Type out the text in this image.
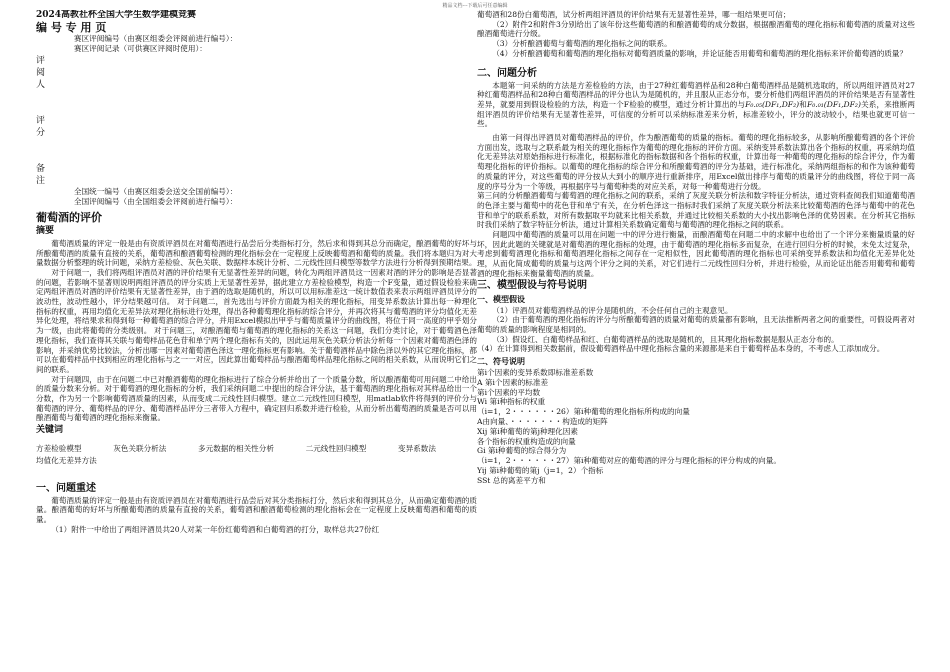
精品文档---下载后可任意编辑
2024高教社杯全国大学生数学建模竞赛
编 号 专 用 页
赛区评阅编号（由赛区组委会评阅前进行编号）：
赛区评阅记录（可供赛区评阅时使用）：
评
阅
人

评
分

备
注
全国统一编号（由赛区组委会送交全国前编号）：
全国评阅编号（由全国组委会评阅前进行编号）：
葡萄酒的评价
摘要

葡萄酒质量的评定一般是由有资质评酒员在对葡萄酒进行品尝后分类指标打分，然后求和得到其总分而确定，酿酒葡萄的好坏与所酿葡萄酒的质量有直接的关系，葡萄酒和酿酒葡萄检测的理化指标会在一定程度上反映葡萄酒和葡萄的质量。我们将本题归为对大量数据分析整理的统计问题，采纳方差检验、灰色关联、数据样本统计分析、二元线性回归模型等数学方法进行分析得到预期结果。

对于问题一，我们将两组评酒员对酒的评价结果有无显著性差异的问题，转化为两组评酒员这一因素对酒的评分的影响是否显著的问题，若影响不显著则说明两组评酒员的评分实质上无显著性差异，据此建立方差检验模型，构造一个F变量，通过假设检验来确定两组评酒员对酒的评价结果有无显著性差异，由于酒的选取是随机的，所以可以用标准差这一统计数值表来表示两组评酒员评分的波动性，波动性越小，评分结果越可信。 对于问题二，首先选出与评价方面最为相关的理化指标，用变异系数法计算出每一种理化指标的权重，再用均值化无差异法对理化指标进行处理，得出各种葡萄理化指标的综合评分，并再次将其与葡萄酒的评分均值化无差异化处理，将结果求和得到每一种葡萄酒的综合评分，并用Excel模拟出甲乎与葡萄质量评分的曲线图，将位于同一高度的甲乎划分为一级，由此将葡萄的分类级别。 对于问题三，对酿酒葡萄与葡萄酒的理化指标的关系这一问题，我们分类讨论，对于葡萄酒色泽理化指标，我们查得其关联与葡萄样品花色苷和单宁两个理化指标有关的，因此运用灰色关联分析法分析每一个因素对葡萄酒色泽的影响，并采纳优势比较法，分析出哪一因素对葡萄酒色泽这一理化指标更有影响。关于葡萄酒样品中除色泽以外的其它理化指标，都可以在葡萄样品中找到相应的理化指标与之一一对应，因此算出葡萄样品与酿酒葡萄样品理化指标之间的相关系数，从而说明它们之间的联系。

对于问题四，由于在问题二中已对酿酒葡萄的理化指标进行了综合分析并给出了一个质量分数，所以酿酒葡萄可用问题二中给出的质量分数来分析。对于葡萄酒的理化指标的分析，我们采纳问题二中提出的综合评分法，基于葡萄酒的理化指标对其样品给出一个分数，作为另一个影响葡萄酒质量的因素，从而变成二元线性回归模型。建立二元线性回归模型，用matlab软件将得到的评价分与葡萄酒的评分、葡萄样品的评分、葡萄酒样品评分三者带入方程中，确定回归系数并进行检验，从而分析出葡萄酒的质量是否可以用酿酒葡萄与葡萄酒的理化指标来衡量。

关键词
方差检验模型	灰色关联分析法	多元数据的相关性分析	二元线性回归模型	变异系数法
均值化无差异方法
一、问题重述

葡萄酒质量的评定一般是由有资质评酒员在对葡萄酒进行品尝后对其分类指标打分，然后求和得到其总分，从而确定葡萄酒的质量。酿酒葡萄的好坏与所酿葡萄酒的质量有直接的关系，葡萄酒和酿酒葡萄检测的理化指标会在一定程度上反映葡萄酒和葡萄的质量。

（1）附件一中给出了两组评酒员共20人对某一年份红葡萄酒和白葡萄酒的打分，取样总共27份红

葡萄酒和28份白葡萄酒，试分析两组评酒员的评价结果有无显著性差异，哪一组结果更可信；

（2）附件2和附件3分别给出了该年份这些葡萄酒的和酿酒葡萄的成分数据，根据酿酒葡萄的理化指标和葡萄酒的质量对这些酿酒葡萄进行分级。

（3）分析酿酒葡萄与葡萄酒的理化指标之间的联系。

（4）分析酿酒葡萄和葡萄酒的理化指标对葡萄酒质量的影响，并论证能否用葡萄和葡萄酒的理化指标来评价葡萄酒的质量？

二、问题分析

本题第一问采纳的方法是方差检验的方法，由于27种红葡萄酒样品和28种白葡萄酒样品是随机选取的，所以两组评酒员对27种红葡萄酒样品和28种白葡萄酒样品的评分也认为是随机的，并且服从正态分布，要分析他们两组评酒员的评价结果是否有显著性差异，就要用到假设检验的方法，构造一个F检验的模型，通过分析计算出的与F₀.₀₅(DF₁,DF₂)和F₀.₀₁(DF₁,DF₂)关系，来推断两组评酒员的评价结果有无显著性差异，可信度的分析可以采纳标准差来分析，标准差较小，评分的波动较小，结果也就更可信一些。

由第一问得出评酒员对葡萄酒样品的评价，作为酿酒葡萄的质量的指标。葡萄的理化指标较多，从影响所酿葡萄酒的各个评价方面出发，选取与之联系最为相关的理化指标作为葡萄的理化指标的评价方面。采纳变异系数法算出各个指标的权重，再采纳均值化无差异法对原始指标进行标准化，根据标准化的指标数据和各个指标的权重，计算出每一种葡萄的理化指标的综合评分，作为葡萄理化指标的评价指标。以葡萄的理化指标的综合评分和所酿葡萄酒的评分为基础，进行标准化，采纳两组指标的和作为该种葡萄的质量的评分，对这些葡萄的评分按从大到小的顺序进行重新排序，用Excel做出排序与葡萄的质量评分的曲线图，将位于同一高度的序号分为一个等级，再根据序号与葡萄种类的对应关系，对每一种葡萄进行分级。

第三问的分析酿酒葡萄与葡萄酒的理化指标之间的联系，采纳了灰度关联分析法和数字特征分析法，通过资料查阅我们知道葡萄酒的色泽主要与葡萄中的花色苷和单宁有关，在分析色泽这一指标时我们采纳了灰度关联分析法来比较葡萄酒的色泽与葡萄中的花色苷和单宁的联系系数，对所有数据取平均就来比相关系数，并通过比较相关系数的大小找出影响色泽的优势因素。在分析其它指标时我们采纳了数字特征分析法，通过计算相关系数确定葡萄与葡萄酒的理化指标之间的联系。

问题四中葡萄酒的质量可以用在问题一中的评分进行衡量，而酿酒葡萄在问题二中的求解中也给出了一个评分来衡量质量的好坏，因此此题的关键就是对葡萄酒的理化指标的处理，由于葡萄酒的理化指标多而复杂，在进行回归分析的时候，未免太过复杂，考虑到葡萄酒理化指标和葡萄酒理化指标之间存在一定相似性，因此葡萄酒的理化指标也可采纳变异系数法和均值化无差异化处理，从而化简成葡萄的质量与这两个评分之间的关系，对它们进行二元线性回归分析，并进行检验，从而论证出能否用葡萄和葡萄酒的理化指标来衡量葡萄酒的质量。

三、模型假设与符号说明
一、模型假设

（1）评酒员对葡萄酒样品的评分是随机的，不会任何自己的主观意见。

（2）由于葡萄酒的理化指标的评分与所酿葡萄酒的质量对葡萄的质量都有影响，且无法推断两者之间的重要性，可假设两者对葡萄的质量的影响程度是相同的。

（3）假设红、白葡萄样品和红、白葡萄酒样品的选取是随机的，且其理化指标数据是服从正态分布的。

（4）在计算得到相关数据前，假设葡萄酒样品中理化指标含量的来源都是来自于葡萄样品本身的，不考虑人工添加成分。

二、符号说明
第i个因素的变异系数即标准差系数
A 第i个因素的标准差
第i个因素的平均数
Wi 第i种指标的权重
（i=1，2・・・・・・26）第i种葡萄的理化指标所构成的向量
A由向量、・・・・・・・构造成的矩阵
Xij 第i种葡萄的第j种理化因素
各个指标的权重构造成的向量
Gi 第i种葡萄的综合得分为
（i=1，2・・・・・・27）第i种葡萄对应的葡萄酒的评分与理化指标的评分构成的向量。
Yij 第i种葡萄的第j（j=1，2）个指标
SSt 总的离差平方和
